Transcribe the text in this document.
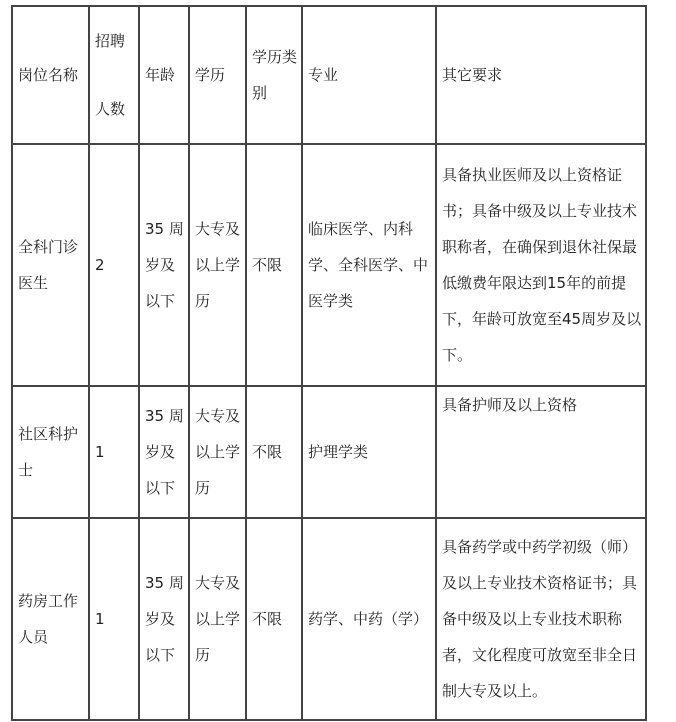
岗位名称	招聘人数	年龄	学历	学历类别	专业	其它要求
全科门诊医生	2	35 周岁及以下	大专及以上学历	不限	临床医学、内科学、全科医学、中医学类	具备执业医师及以上资格证书；具备中级及以上专业技术职称者，在确保到退休社保最低缴费年限达到15年的前提下，年龄可放宽至45周岁及以下。
社区科护士	1	35 周岁及以下	大专及以上学历	不限	护理学类	具备护师及以上资格
药房工作人员	1	35 周岁及以下	大专及以上学历	不限	药学、中药（学）	具备药学或中药学初级（师）及以上专业技术资格证书；具备中级及以上专业技术职称者，文化程度可放宽至非全日制大专及以上。
